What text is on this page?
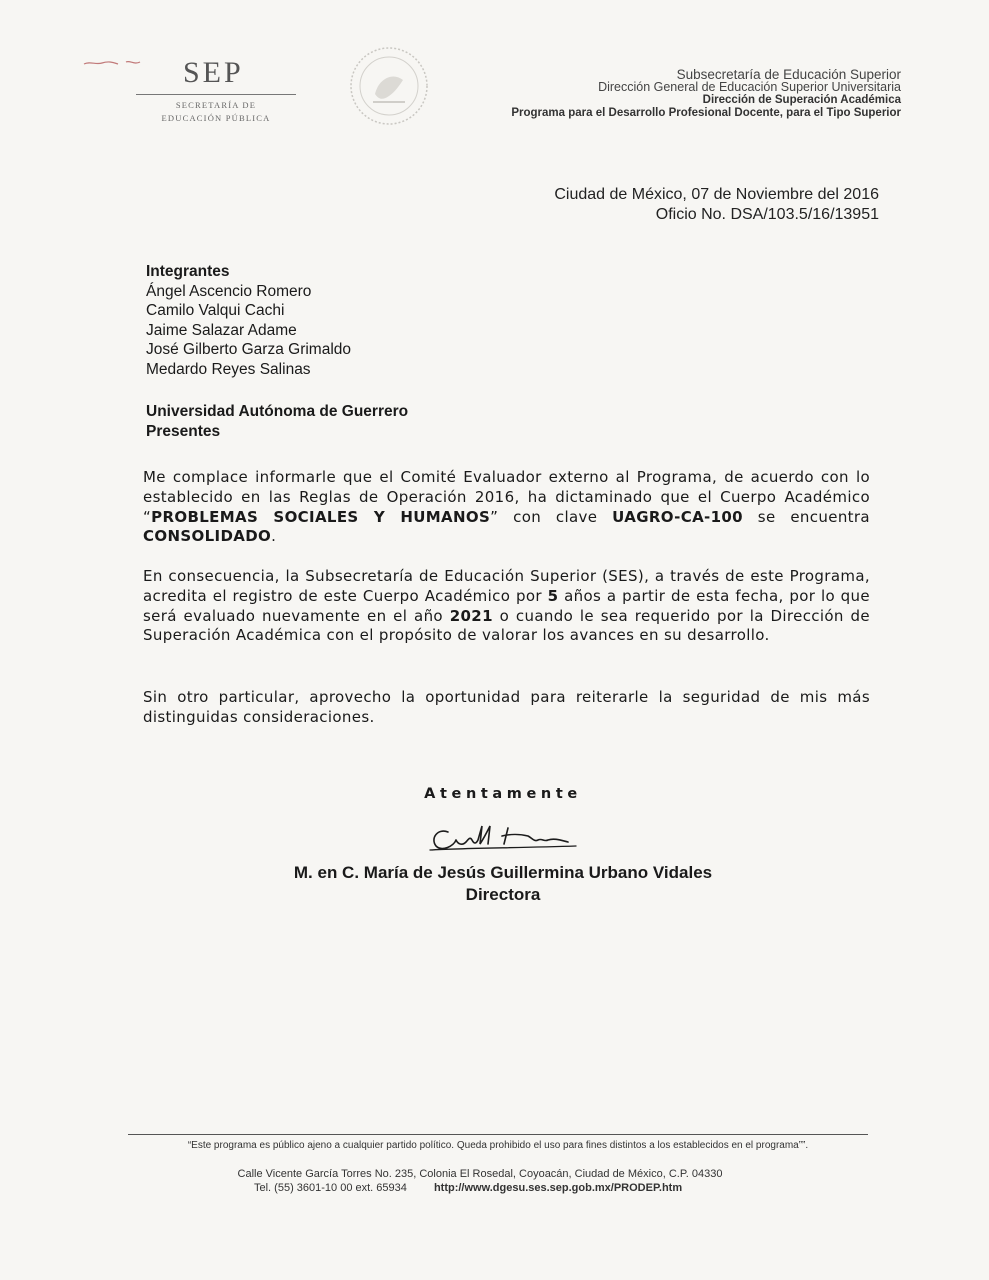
SEP
SECRETARÍA DE
EDUCACIÓN PÚBLICA
Subsecretaría de Educación Superior
Dirección General de Educación Superior Universitaria
Dirección de Superación Académica
Programa para el Desarrollo Profesional Docente, para el Tipo Superior
Ciudad de México, 07 de Noviembre del 2016
Oficio No. DSA/103.5/16/13951
Integrantes
Ángel Ascencio Romero
Camilo Valqui Cachi
Jaime Salazar Adame
José Gilberto Garza Grimaldo
Medardo Reyes Salinas
Universidad Autónoma de Guerrero
Presentes
Me complace informarle que el Comité Evaluador externo al Programa, de acuerdo con lo establecido en las Reglas de Operación 2016, ha dictaminado que el Cuerpo Académico “PROBLEMAS SOCIALES Y HUMANOS” con clave UAGRO-CA-100 se encuentra CONSOLIDADO.
En consecuencia, la Subsecretaría de Educación Superior (SES), a través de este Programa, acredita el registro de este Cuerpo Académico por 5 años a partir de esta fecha, por lo que será evaluado nuevamente en el año 2021 o cuando le sea requerido por la Dirección de Superación Académica con el propósito de valorar los avances en su desarrollo.
Sin otro particular, aprovecho la oportunidad para reiterarle la seguridad de mis más distinguidas consideraciones.
Atentamente
M. en C. María de Jesús Guillermina Urbano Vidales
Directora
“Este programa es público ajeno a cualquier partido político. Queda prohibido el uso para fines distintos a los establecidos en el programa””.
Calle Vicente García Torres No. 235, Colonia El Rosedal, Coyoacán, Ciudad de México, C.P. 04330
Tel. (55) 3601-10 00 ext. 65934 http://www.dgesu.ses.sep.gob.mx/PRODEP.htm
